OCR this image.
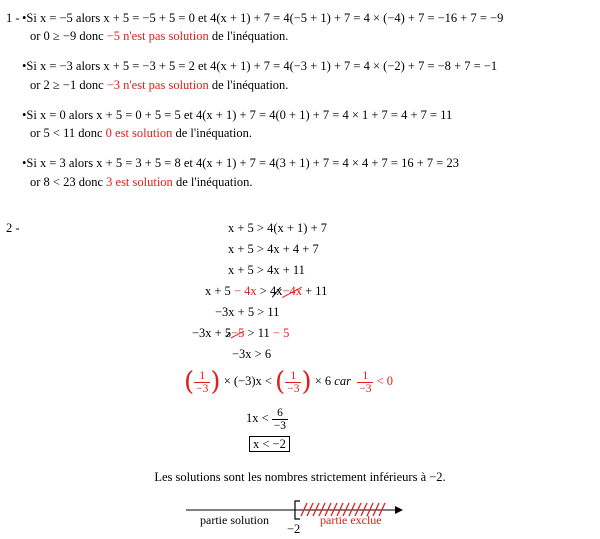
1 - •Si x = −5 alors x + 5 = −5 + 5 = 0 et 4(x + 1) + 7 = 4(−5 + 1) + 7 = 4 × (−4) + 7 = −16 + 7 = −9
or 0 ≥ −9 donc −5 n'est pas solution de l'inéquation.
•Si x = −3 alors x + 5 = −3 + 5 = 2 et 4(x + 1) + 7 = 4(−3 + 1) + 7 = 4 × (−2) + 7 = −8 + 7 = −1
or 2 ≥ −1 donc −3 n'est pas solution de l'inéquation.
•Si x = 0 alors x + 5 = 0 + 5 = 5 et 4(x + 1) + 7 = 4(0 + 1) + 7 = 4 × 1 + 7 = 4 + 7 = 11
or 5 < 11 donc 0 est solution de l'inéquation.
•Si x = 3 alors x + 5 = 3 + 5 = 8 et 4(x + 1) + 7 = 4(3 + 1) + 7 = 4 × 4 + 7 = 16 + 7 = 23
or 8 < 23 donc 3 est solution de l'inéquation.
2 -	x + 5 > 4(x + 1) + 7
x + 5 > 4x + 4 + 7
x + 5 > 4x + 11
x + 5 − 4x > 4x−4x + 11
−3x + 5 > 11
−3x + 5−5 > 11 − 5
−3x > 6
( $\frac{1}{-3}$ ) × (−3)x < ( $\frac{1}{-3}$ ) × 6 car $\frac{1}{-3} < 0$
$1x < \frac{6}{-3}$
x < −2
Les solutions sont les nombres strictement inférieurs à −2.
partie solution	partie exclue
−2
